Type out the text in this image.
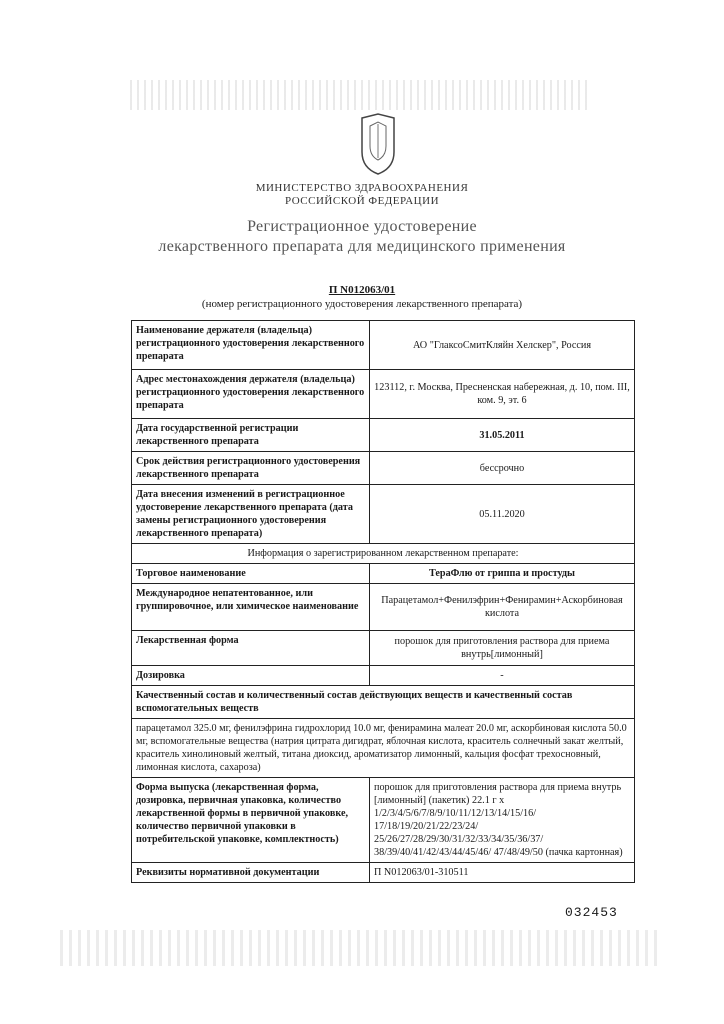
МИНИСТЕРСТВО ЗДРАВООХРАНЕНИЯ
РОССИЙСКОЙ ФЕДЕРАЦИИ
Регистрационное удостоверение
лекарственного препарата для медицинского применения
П N012063/01
(номер регистрационного удостоверения лекарственного препарата)
Наименование держателя (владельца) регистрационного удостоверения лекарственного препарата	АО "ГлаксоСмитКляйн Хелскер", Россия
Адрес местонахождения держателя (владельца) регистрационного удостоверения лекарственного препарата	123112, г. Москва, Пресненская набережная, д. 10, пом. III, ком. 9, эт. 6
Дата государственной регистрации лекарственного препарата	31.05.2011
Срок действия регистрационного удостоверения лекарственного препарата	бессрочно
Дата внесения изменений в регистрационное удостоверение лекарственного препарата (дата замены регистрационного удостоверения лекарственного препарата)	05.11.2020
Информация о зарегистрированном лекарственном препарате:	
Торговое наименование	ТераФлю от гриппа и простуды
Международное непатентованное, или группировочное, или химическое наименование	Парацетамол+Фенилэфрин+Фенирамин+Аскорбиновая кислота
Лекарственная форма	порошок для приготовления раствора для приема внутрь[лимонный]
Дозировка	-
Качественный состав и количественный состав действующих веществ и качественный состав вспомогательных веществ	
парацетамол 325.0 мг, фенилэфрина гидрохлорид 10.0 мг, фенирамина малеат 20.0 мг, аскорбиновая кислота 50.0 мг, вспомогательные вещества (натрия цитрата дигидрат, яблочная кислота, краситель солнечный закат желтый, краситель хинолиновый желтый, титана диоксид, ароматизатор лимонный, кальция фосфат трехосновный, лимонная кислота, сахароза)	
Форма выпуска (лекарственная форма, дозировка, первичная упаковка, количество лекарственной формы в первичной упаковке, количество первичной упаковки в потребительской упаковке, комплектность)	порошок для приготовления раствора для приема внутрь [лимонный] (пакетик) 22.1 г х 1/2/3/4/5/6/7/8/9/10/11/12/13/14/15/16/ 17/18/19/20/21/22/23/24/ 25/26/27/28/29/30/31/32/33/34/35/36/37/ 38/39/40/41/42/43/44/45/46/ 47/48/49/50 (пачка картонная)
Реквизиты нормативной документации	П N012063/01-310511
032453
